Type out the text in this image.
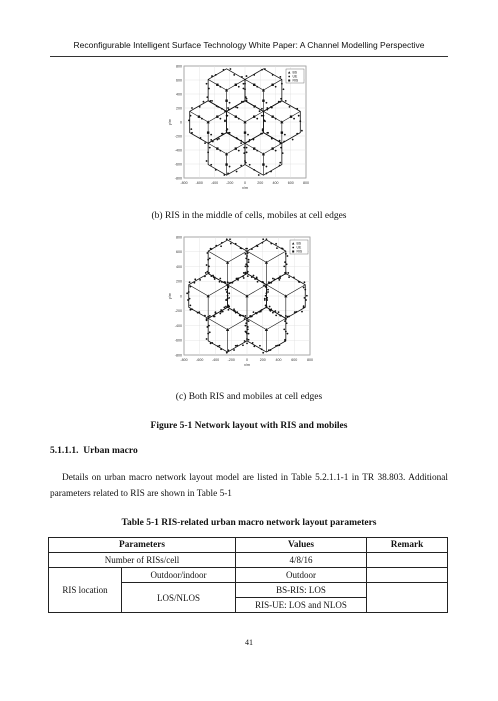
Reconfigurable Intelligent Surface Technology White Paper: A Channel Modelling Perspective
-800 -600 -400 -200	0	200	400	600	800
800
600
400
200
0
-200
-400
-600
-800
x/m
y/m
BS
UE
RIS
(b) RIS in the middle of cells, mobiles at cell edges
-800 -600 -400 -200	0	200	400	600	800
800
600
400
200
0
-200
-400
-600
-800
x/m
y/m
BS
UE
RIS
(c) Both RIS and mobiles at cell edges
Figure 5-1 Network layout with RIS and mobiles
5.1.1.1. Urban macro
Details on urban macro network layout model are listed in Table 5.2.1.1-1 in TR 38.803. Additional parameters related to RIS are shown in Table 5-1
Table 5-1 RIS-related urban macro network layout parameters
Parameters		Values	Remark
Number of RISs/cell		4/8/16	
RIS location	Outdoor/indoor	Outdoor	
	LOS/NLOS	BS-RIS: LOS	
		RIS-UE: LOS and NLOS	
41
